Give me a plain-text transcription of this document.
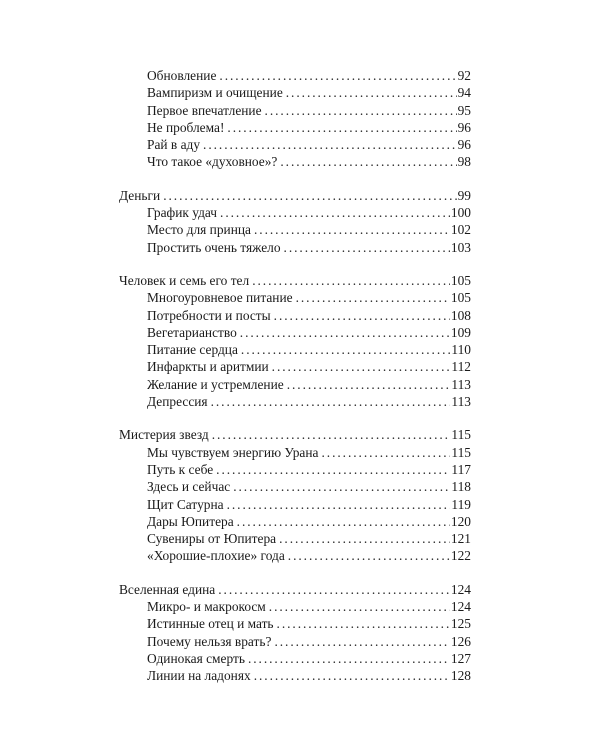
Обновление . . .	92
Вампиризм и очищение . . .	94
Первое впечатление . . .	95
Не проблема! . . .	96
Рай в аду . . .	96
Что такое «духовное»? . . .	98
Деньги . . .	99
График удач . . .	100
Место для принца . . .	102
Простить очень тяжело . . .	103
Человек и семь его тел . . .	105
Многоуровневое питание . . .	105
Потребности и посты . . .	108
Вегетарианство . . .	109
Питание сердца . . .	110
Инфаркты и аритмии . . .	112
Желание и устремление . . .	113
Депрессия . . .	113
Мистерия звезд . . .	115
Мы чувствуем энергию Урана . . .	115
Путь к себе . . .	117
Здесь и сейчас . . .	118
Щит Сатурна . . .	119
Дары Юпитера . . .	120
Сувениры от Юпитера . . .	121
«Хорошие-плохие» года . . .	122
Вселенная едина . . .	124
Микро- и макрокосм . . .	124
Истинные отец и мать . . .	125
Почему нельзя врать? . . .	126
Одинокая смерть . . .	127
Линии на ладонях . . .	128
